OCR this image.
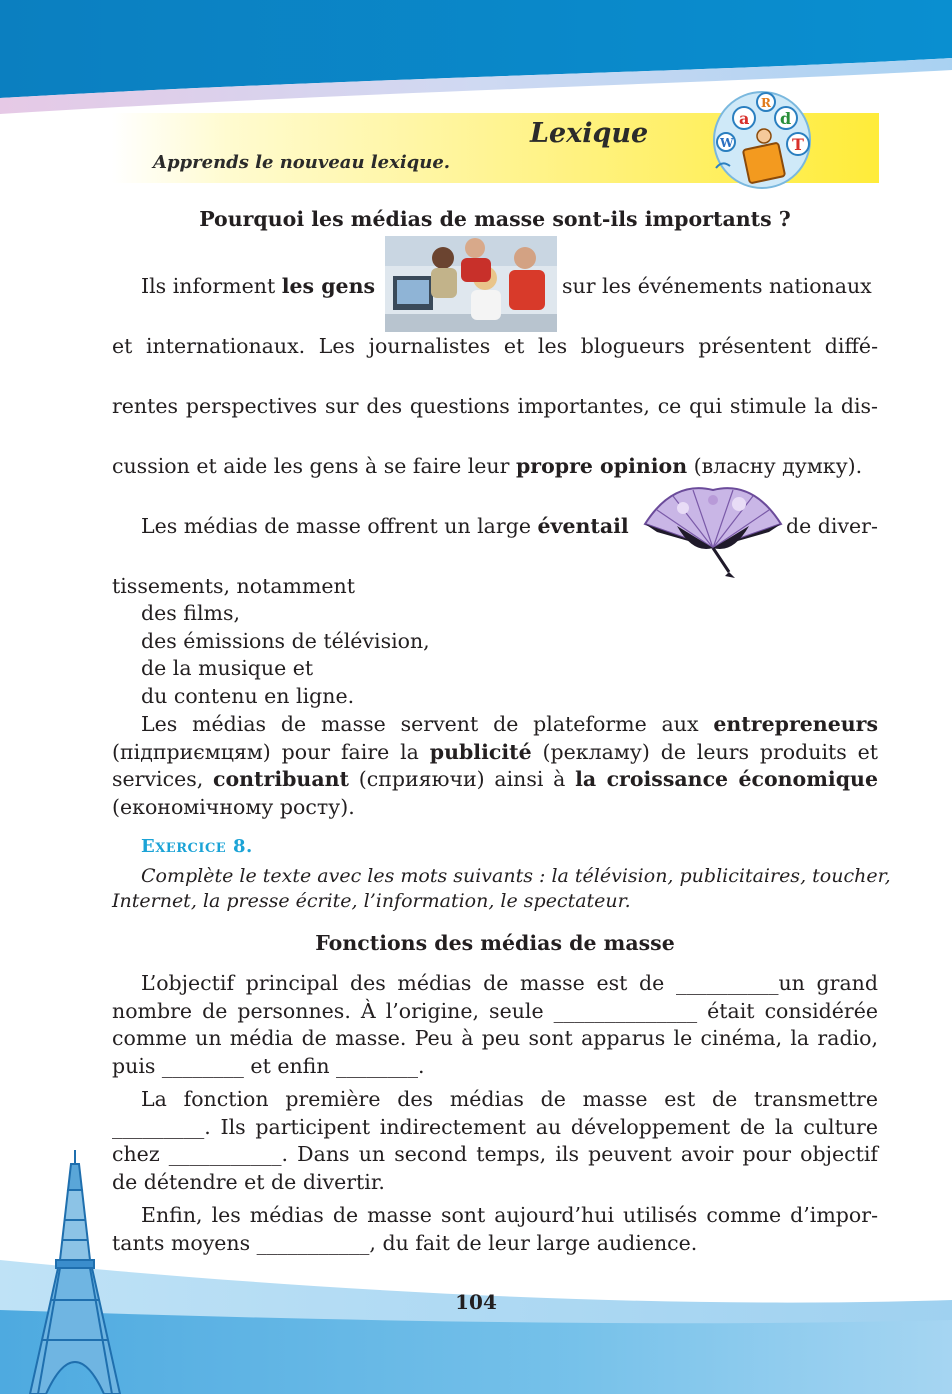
Lexique
Apprends le nouveau lexique.
a
R
d
T
W
Pourquoi les médias de masse sont-ils importants ?
Ils informent les gens	sur les événements nationaux
et internationaux. Les journalistes et les blogueurs présentent diffé-
rentes perspectives sur des questions importantes, ce qui stimule la dis-
cussion et aide les gens à se faire leur propre opinion (власну думку).
Les médias de masse offrent un large éventail	de diver-
tissements, notamment
des films,
des émissions de télévision,
de la musique et
du contenu en ligne.
Les médias de masse servent de plateforme aux entrepreneurs
(підприємцям) pour faire la publicité (рекламу) de leurs produits et
services, contribuant (сприяючи) ainsi à la croissance économique
(економічному росту).
Exercice 8.
Complète le texte avec les mots suivants : la télévision, publicitaires, toucher,
Internet, la presse écrite, l’information, le spectateur.
Fonctions des médias de masse
L’objectif principal des médias de masse est de __________un grand
nombre de personnes. À l’origine, seule ______________ était considérée
comme un média de masse. Peu à peu sont apparus le cinéma, la radio,
puis ________ et enfin ________.
La fonction première des médias de masse est de transmettre
_________. Ils participent indirectement au développement de la culture
chez ___________. Dans un second temps, ils peuvent avoir pour objectif
de détendre et de divertir.
Enfin, les médias de masse sont aujourd’hui utilisés comme d’impor-
tants moyens ___________, du fait de leur large audience.
104
